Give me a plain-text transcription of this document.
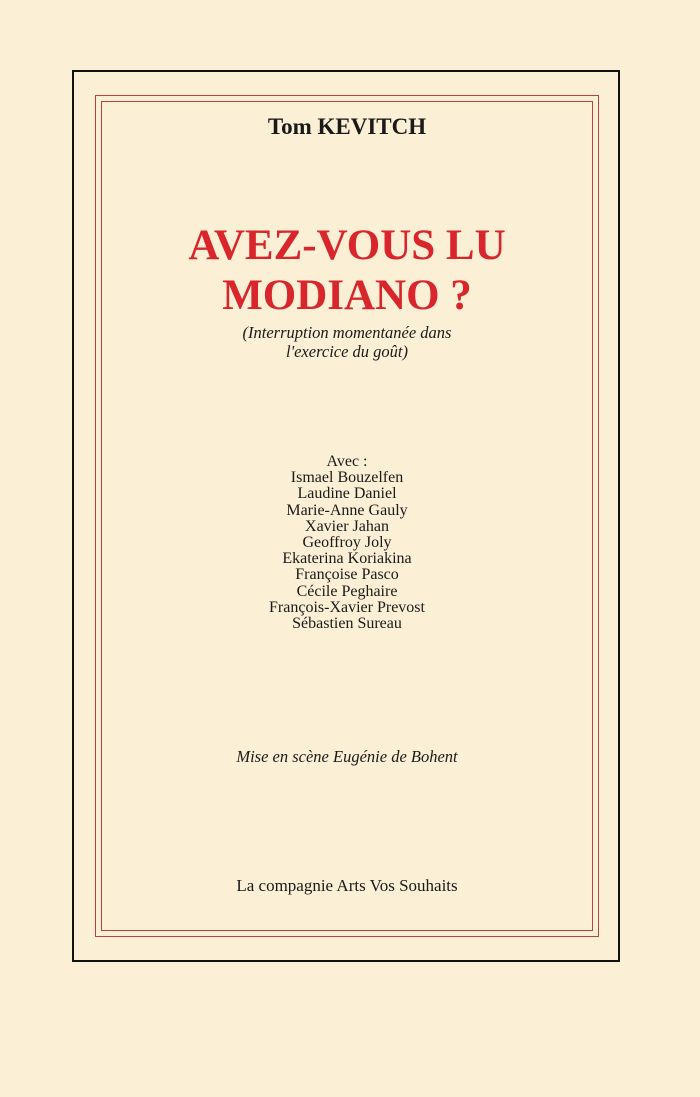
Tom KEVITCH
AVEZ-VOUS LU
MODIANO ?
(Interruption momentanée dans
l'exercice du goût)
Avec :
Ismael Bouzelfen
Laudine Daniel
Marie-Anne Gauly
Xavier Jahan
Geoffroy Joly
Ekaterina Koriakina
Françoise Pasco
Cécile Peghaire
François-Xavier Prevost
Sébastien Sureau
Mise en scène Eugénie de Bohent
La compagnie Arts Vos Souhaits
